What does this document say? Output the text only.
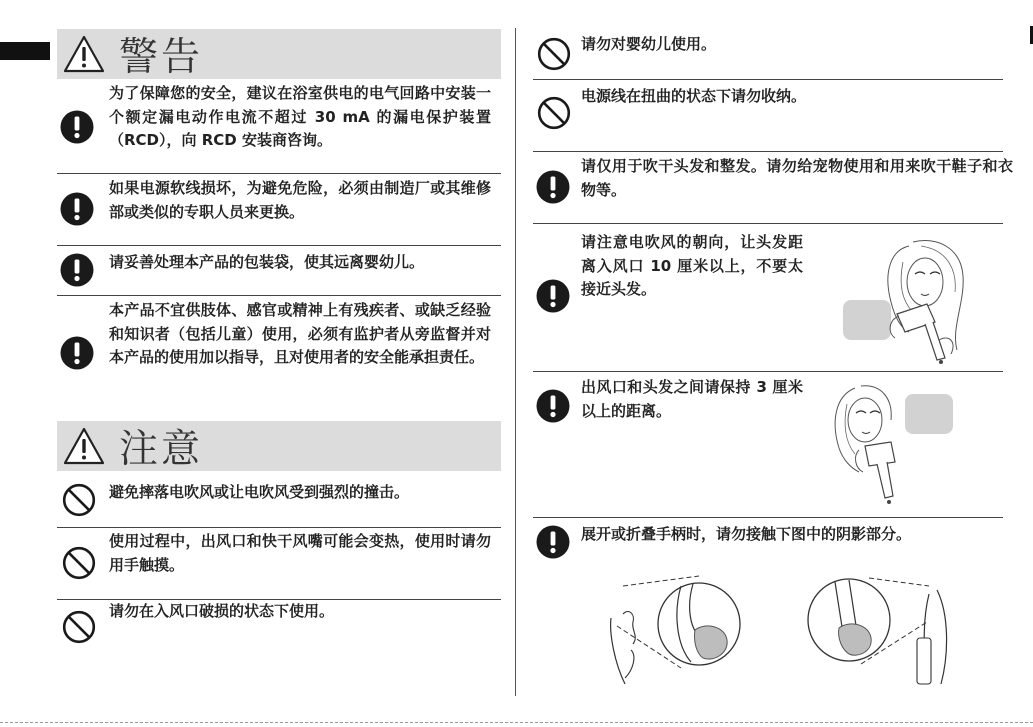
警告
为了保障您的安全，建议在浴室供电的电气回路中安装一个额定漏电动作电流不超过 30 mA 的漏电保护装置（RCD），向 RCD 安装商咨询。
如果电源软线损坏，为避免危险，必须由制造厂或其维修部或类似的专职人员来更换。
请妥善处理本产品的包装袋，使其远离婴幼儿。
本产品不宜供肢体、感官或精神上有残疾者、或缺乏经验和知识者（包括儿童）使用，必须有监护者从旁监督并对本产品的使用加以指导，且对使用者的安全能承担责任。
注意
避免摔落电吹风或让电吹风受到强烈的撞击。
使用过程中，出风口和快干风嘴可能会变热，使用时请勿用手触摸。
请勿在入风口破损的状态下使用。
请勿对婴幼儿使用。
电源线在扭曲的状态下请勿收纳。
请仅用于吹干头发和整发。请勿给宠物使用和用来吹干鞋子和衣物等。
请注意电吹风的朝向，让头发距离入风口 10 厘米以上，不要太接近头发。
出风口和头发之间请保持 3 厘米以上的距离。
展开或折叠手柄时，请勿接触下图中的阴影部分。
